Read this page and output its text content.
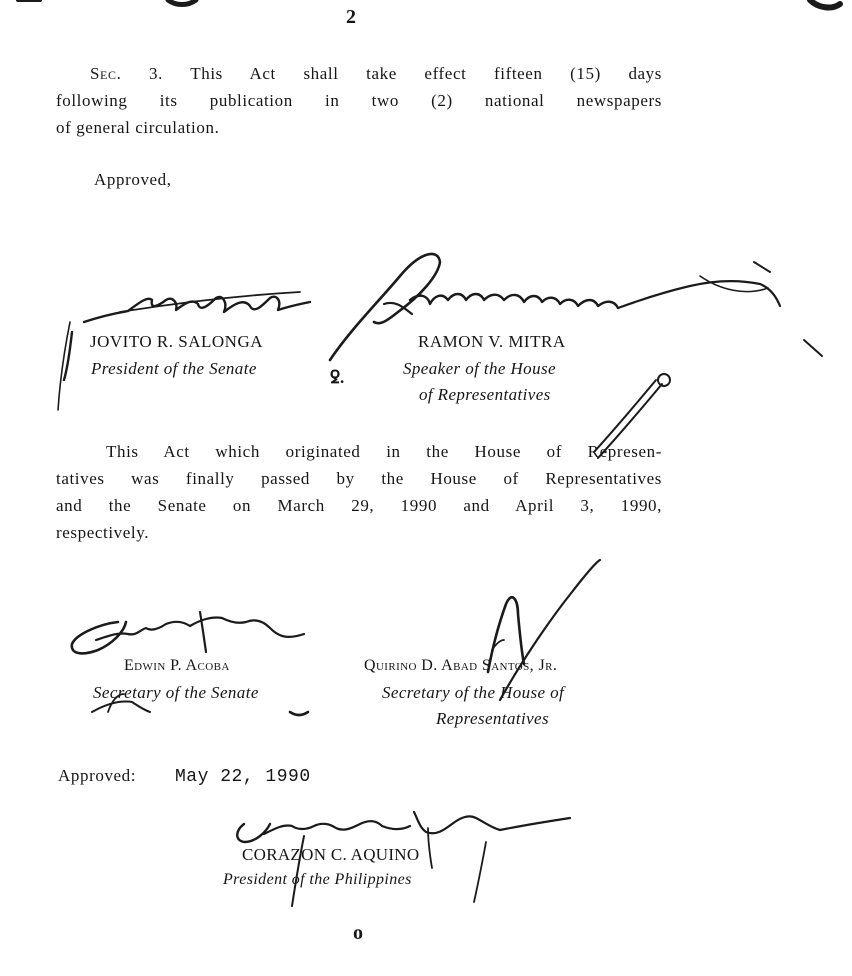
2
Sec. 3. This Act shall take effect fifteen (15) days
following its publication in two (2) national newspapers
of general circulation.
Approved,
JOVITO R. SALONGA
President of the Senate	ꝿ.
RAMON V. MITRA
Speaker of the House
of Representatives
This Act which originated in the House of Represen-
tatives was finally passed by the House of Representatives
and the Senate on March 29, 1990 and April 3, 1990,
respectively.
Edwin P. Acoba
Secretary of the Senate
Quirino D. Abad Santos, Jr.
Secretary of the House of
Representatives
Approved: May 22, 1990
CORAZON C. AQUINO
President of the Philippines
o
